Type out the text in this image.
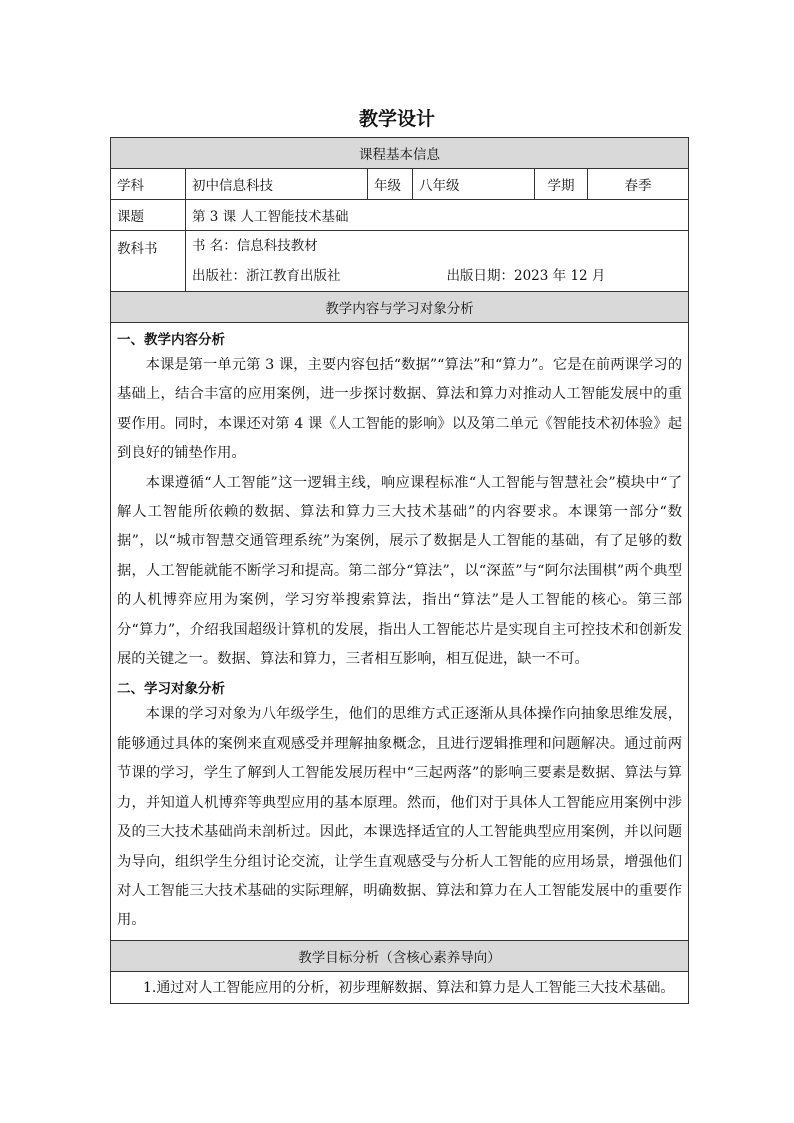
教学设计
课程基本信息					
学科	初中信息科技	年级	八年级	学期	春季
课题	第 3 课 人工智能技术基础				
教科书	书 名：信息科技教材
出版社：浙江教育出版社 出版日期：2023 年 12 月				

教学内容与学习对象分析					

一、教学内容分析

本课是第一单元第 3 课，主要内容包括“数据”“算法”和“算力”。它是在前两课学习的基础上，结合丰富的应用案例，进一步探讨数据、算法和算力对推动人工智能发展中的重要作用。同时，本课还对第 4 课《人工智能的影响》以及第二单元《智能技术初体验》起到良好的铺垫作用。

本课遵循“人工智能”这一逻辑主线，响应课程标准“人工智能与智慧社会”模块中“了解人工智能所依赖的数据、算法和算力三大技术基础”的内容要求。本课第一部分“数据”，以“城市智慧交通管理系统”为案例，展示了数据是人工智能的基础，有了足够的数据，人工智能就能不断学习和提高。第二部分“算法”，以“深蓝”与“阿尔法围棋”两个典型的人机博弈应用为案例，学习穷举搜索算法，指出“算法”是人工智能的核心。第三部分“算力”，介绍我国超级计算机的发展，指出人工智能芯片是实现自主可控技术和创新发展的关键之一。数据、算法和算力，三者相互影响，相互促进，缺一不可。

二、学习对象分析

本课的学习对象为八年级学生，他们的思维方式正逐渐从具体操作向抽象思维发展，能够通过具体的案例来直观感受并理解抽象概念，且进行逻辑推理和问题解决。通过前两节课的学习，学生了解到人工智能发展历程中“三起两落”的影响三要素是数据、算法与算力，并知道人机博弈等典型应用的基本原理。然而，他们对于具体人工智能应用案例中涉及的三大技术基础尚未剖析过。因此，本课选择适宜的人工智能典型应用案例，并以问题为导向，组织学生分组讨论交流，让学生直观感受与分析人工智能的应用场景，增强他们对人工智能三大技术基础的实际理解，明确数据、算法和算力在人工智能发展中的重要作用。					

教学目标分析（含核心素养导向）					
1.通过对人工智能应用的分析，初步理解数据、算法和算力是人工智能三大技术基础。					
